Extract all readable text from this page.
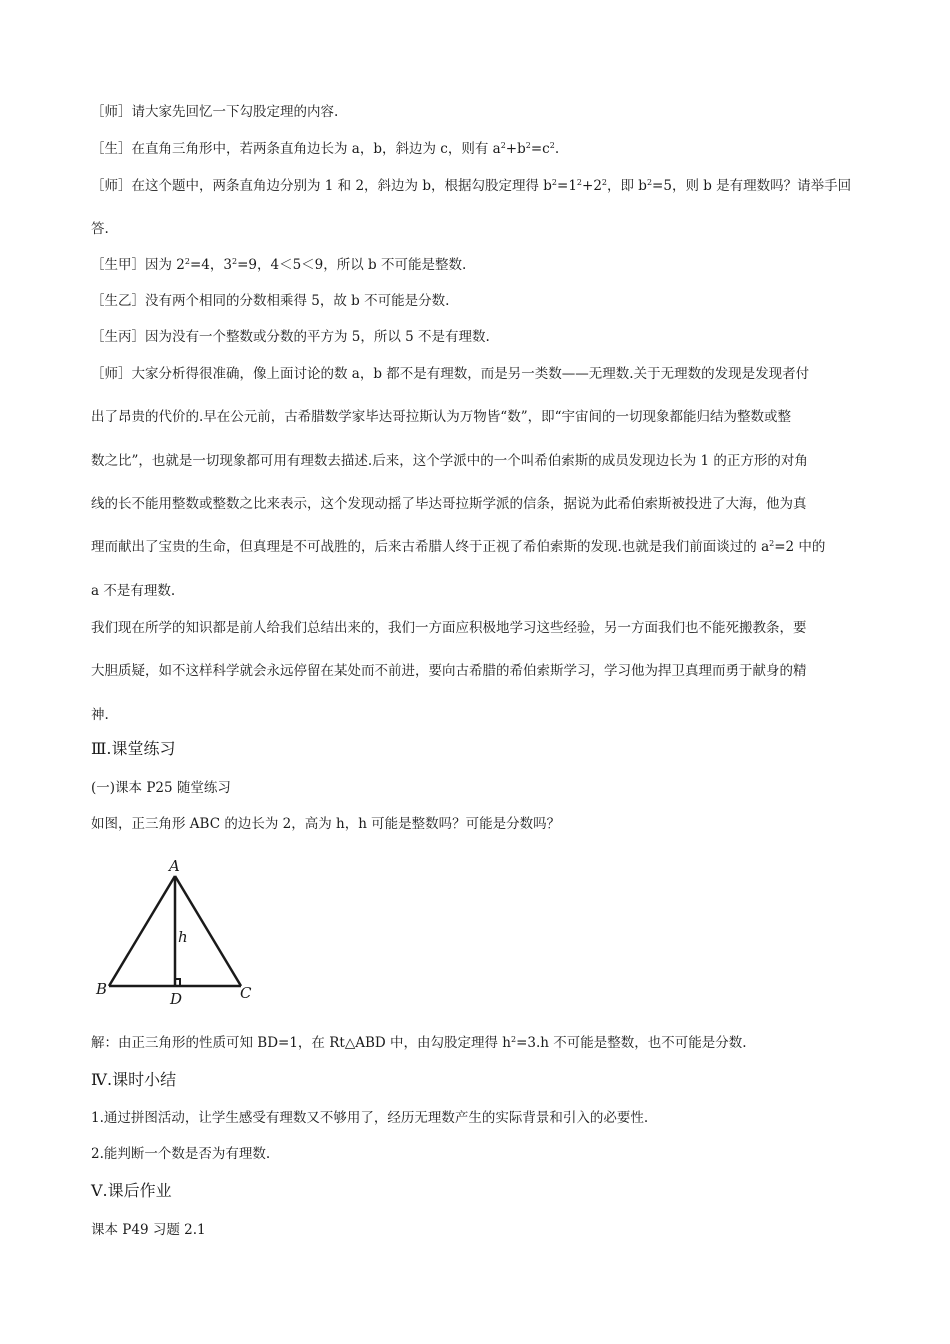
［师］请大家先回忆一下勾股定理的内容.
［生］在直角三角形中，若两条直角边长为 a，b，斜边为 c，则有 $a^2+b^2=c^2$.
［师］在这个题中，两条直角边分别为 1 和 2，斜边为 b，根据勾股定理得 $b^2=1^2+2^2$，即 $b^2=5$，则 b 是有理数吗？请举手回
答.
［生甲］因为 $2^2=4$，$3^2=9$，4＜5＜9，所以 b 不可能是整数.
［生乙］没有两个相同的分数相乘得 5，故 b 不可能是分数.
［生丙］因为没有一个整数或分数的平方为 5，所以 5 不是有理数.
［师］大家分析得很准确，像上面讨论的数 a，b 都不是有理数，而是另一类数——无理数.关于无理数的发现是发现者付
出了昂贵的代价的.早在公元前，古希腊数学家毕达哥拉斯认为万物皆“数”，即“宇宙间的一切现象都能归结为整数或整
数之比”，也就是一切现象都可用有理数去描述.后来，这个学派中的一个叫希伯索斯的成员发现边长为 1 的正方形的对角
线的长不能用整数或整数之比来表示，这个发现动摇了毕达哥拉斯学派的信条，据说为此希伯索斯被投进了大海，他为真
理而献出了宝贵的生命，但真理是不可战胜的，后来古希腊人终于正视了希伯索斯的发现.也就是我们前面谈过的 $a^2=2$ 中的
a 不是有理数.
我们现在所学的知识都是前人给我们总结出来的，我们一方面应积极地学习这些经验，另一方面我们也不能死搬教条，要
大胆质疑，如不这样科学就会永远停留在某处而不前进，要向古希腊的希伯索斯学习，学习他为捍卫真理而勇于献身的精
神.
Ⅲ.课堂练习
(一)课本 P25 随堂练习
如图，正三角形 ABC 的边长为 2，高为 h，h 可能是整数吗？可能是分数吗？
A
B	C
D
h
解：由正三角形的性质可知 BD=1，在 Rt△ABD 中，由勾股定理得 $h^2=3.h$ 不可能是整数，也不可能是分数.
Ⅳ.课时小结
1.通过拼图活动，让学生感受有理数又不够用了，经历无理数产生的实际背景和引入的必要性.
2.能判断一个数是否为有理数.
Ⅴ.课后作业
课本 P49 习题 2.1
